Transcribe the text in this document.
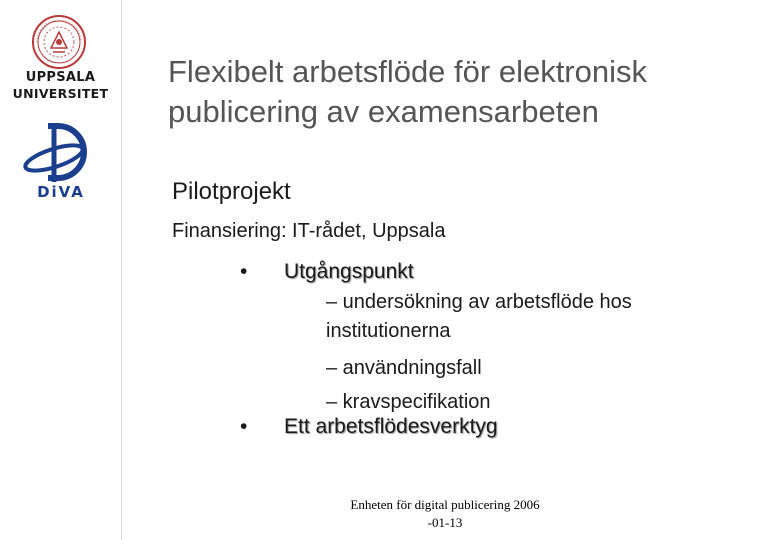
UPPSALA
UNIVERSITET
DiVA
Flexibelt arbetsflöde för elektronisk publicering av examensarbeten

Pilotprojekt

Finansiering: IT-rådet, Uppsala

• Utgångspunkt
– undersökning av arbetsflöde hos institutionerna
– användningsfall
– kravspecifikation
• Ett arbetsflödesverktyg
Enheten för digital publicering 2006
-01-13
